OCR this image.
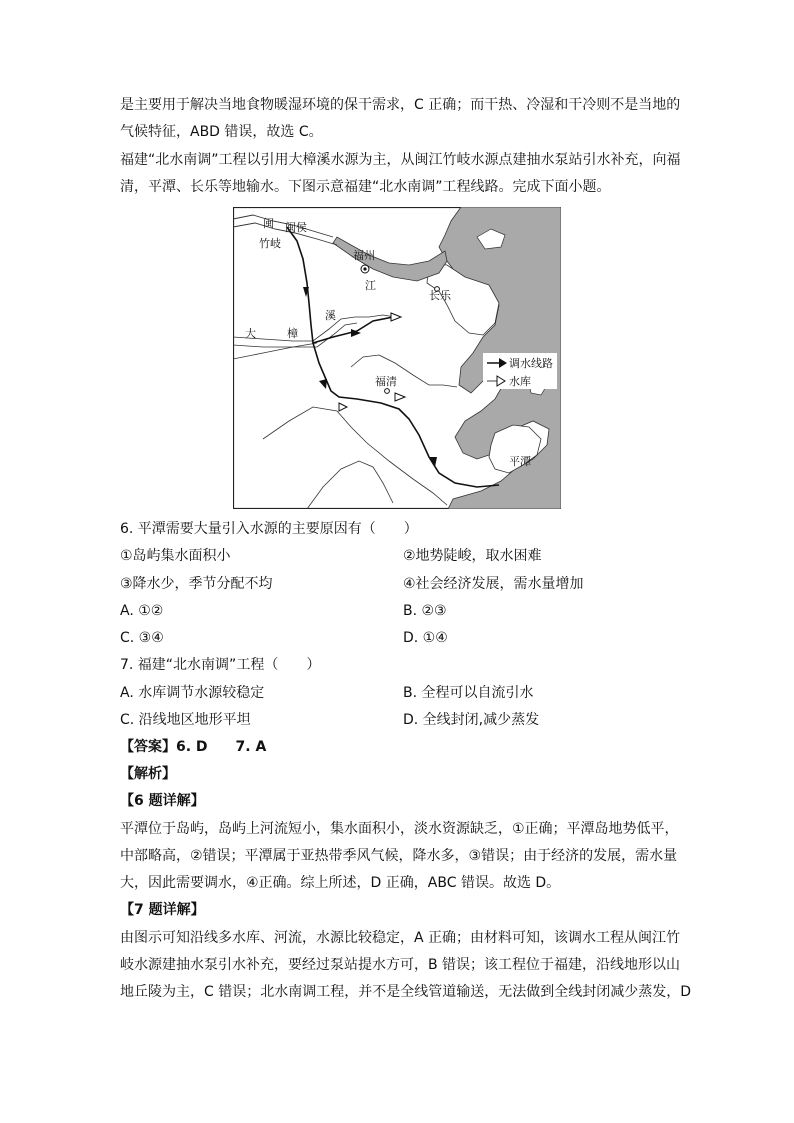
是主要用于解决当地食物暖湿环境的保干需求，C 正确；而干热、冷湿和干冷则不是当地的
气候特征，ABD 错误，故选 C。
福建“北水南调”工程以引用大樟溪水源为主，从闽江竹岐水源点建抽水泵站引水补充，向福
清，平潭、长乐等地输水。下图示意福建“北水南调”工程线路。完成下面小题。
闽 闽侯
竹岐
福州
江
长乐
溪
大	樟
福清
平潭
调水线路
水库
6. 平潭需要大量引入水源的主要原因有（　　）
①岛屿集水面积小	②地势陡峻，取水困难
③降水少，季节分配不均	④社会经济发展，需水量增加
A. ①②	B. ②③
C. ③④	D. ①④
7. 福建“北水南调”工程（　　）
A. 水库调节水源较稳定	B. 全程可以自流引水
C. 沿线地区地形平坦	D. 全线封闭,减少蒸发
【答案】6. D　　7. A
【解析】
【6 题详解】
平潭位于岛屿，岛屿上河流短小，集水面积小，淡水资源缺乏，①正确；平潭岛地势低平，
中部略高，②错误；平潭属于亚热带季风气候，降水多，③错误；由于经济的发展，需水量
大，因此需要调水，④正确。综上所述，D 正确，ABC 错误。故选 D。
【7 题详解】
由图示可知沿线多水库、河流，水源比较稳定，A 正确；由材料可知，该调水工程从闽江竹
岐水源建抽水泵引水补充，要经过泵站提水方可，B 错误；该工程位于福建，沿线地形以山
地丘陵为主，C 错误；北水南调工程，并不是全线管道输送，无法做到全线封闭减少蒸发，D
